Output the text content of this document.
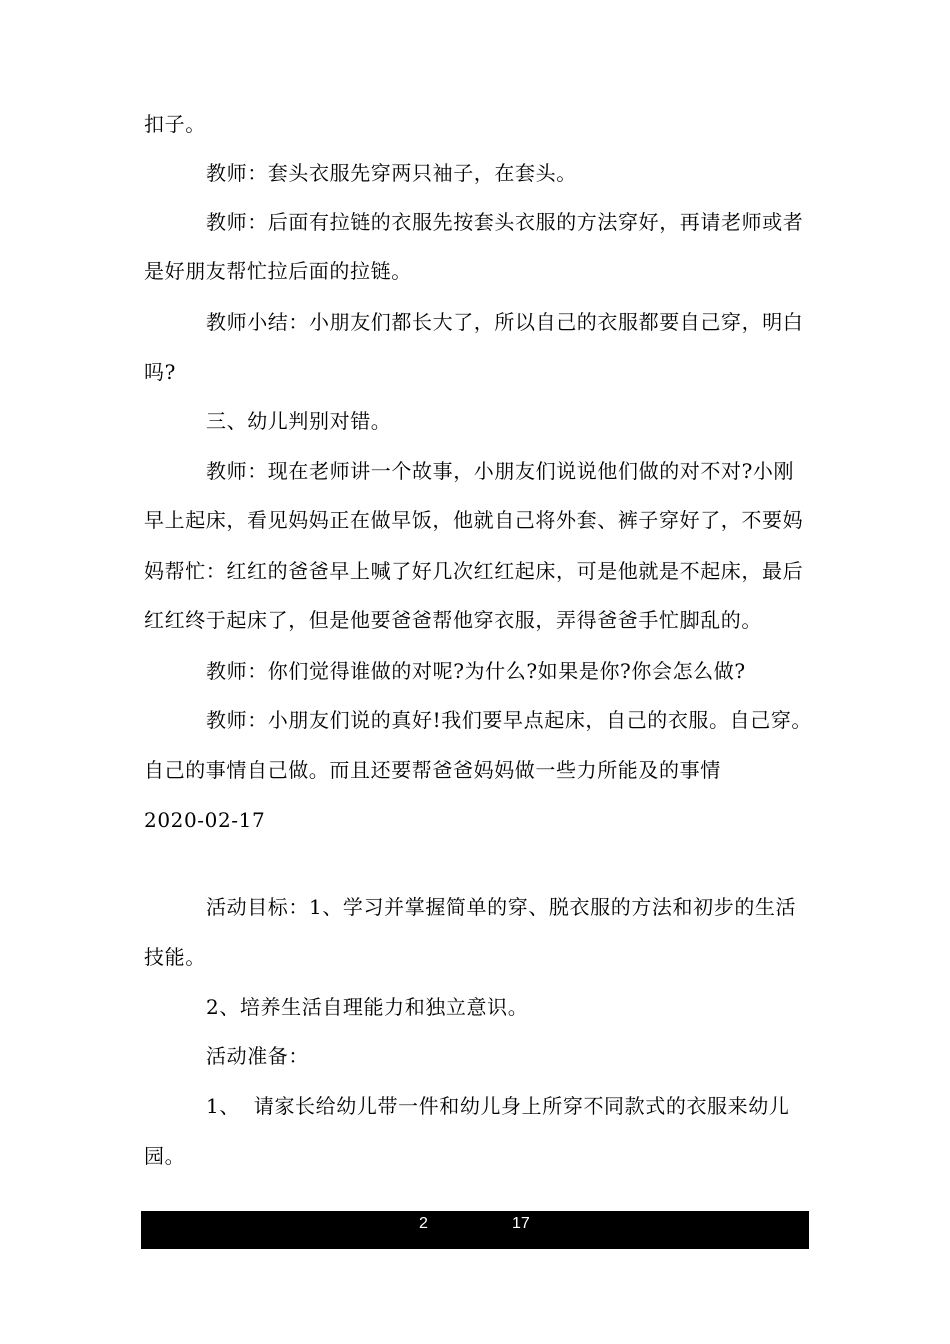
扣子。
教师：套头衣服先穿两只袖子，在套头。
教师：后面有拉链的衣服先按套头衣服的方法穿好，再请老师或者
是好朋友帮忙拉后面的拉链。
教师小结：小朋友们都长大了，所以自己的衣服都要自己穿，明白
吗?
三、幼儿判别对错。
教师：现在老师讲一个故事，小朋友们说说他们做的对不对?小刚
早上起床，看见妈妈正在做早饭，他就自己将外套、裤子穿好了，不要妈
妈帮忙：红红的爸爸早上喊了好几次红红起床，可是他就是不起床，最后
红红终于起床了，但是他要爸爸帮他穿衣服，弄得爸爸手忙脚乱的。
教师：你们觉得谁做的对呢?为什么?如果是你?你会怎么做?
教师：小朋友们说的真好!我们要早点起床，自己的衣服。自己穿。
自己的事情自己做。而且还要帮爸爸妈妈做一些力所能及的事情
2020-02-17
活动目标：1、学习并掌握简单的穿、脱衣服的方法和初步的生活
技能。
2、培养生活自理能力和独立意识。
活动准备：
1、  请家长给幼儿带一件和幼儿身上所穿不同款式的衣服来幼儿
园。
2	17
